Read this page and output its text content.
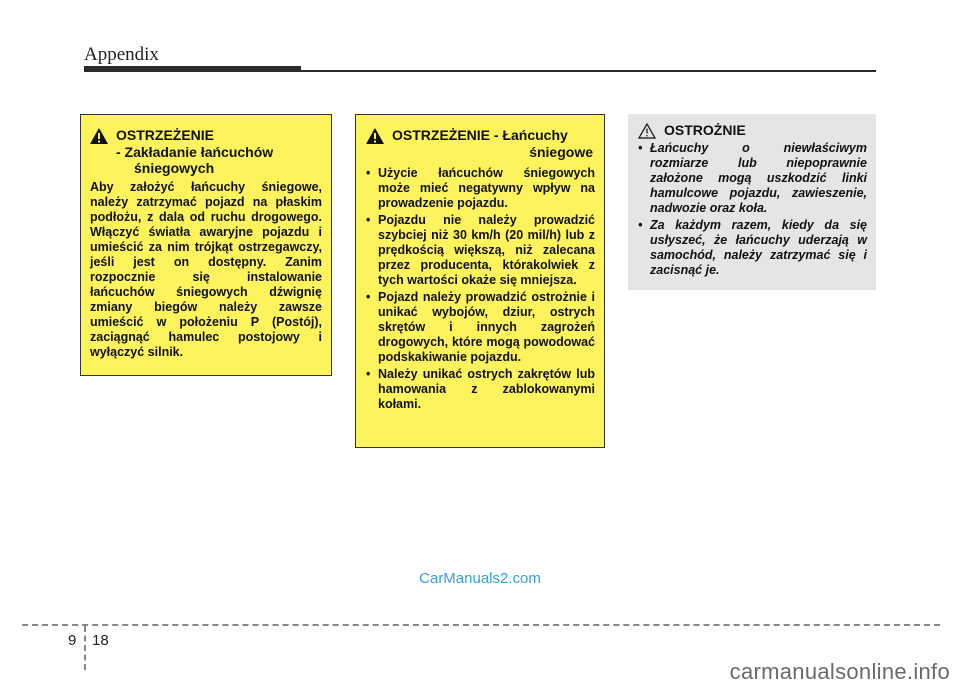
Appendix
OSTRZEŻENIE
- Zakładanie łańcuchów
śniegowych
Aby założyć łańcuchy śniegowe, należy zatrzymać pojazd na płaskim podłożu, z dala od ruchu drogowego. Włączyć światła awaryjne pojazdu i umieścić za nim trójkąt ostrzegawczy, jeśli jest on dostępny. Zanim rozpocznie się instalowanie łańcuchów śniegowych dźwignię zmiany biegów należy zawsze umieścić w położeniu P (Postój), zaciągnąć hamulec postojowy i wyłączyć silnik.
OSTRZEŻENIE - Łańcuchy
śniegowe
• Użycie łańcuchów śniegowych może mieć negatywny wpływ na prowadzenie pojazdu.
• Pojazdu nie należy prowadzić szybciej niż 30 km/h (20 mil/h) lub z prędkością większą, niż zalecana przez producenta, którakolwiek z tych wartości okaże się mniejsza.
• Pojazd należy prowadzić ostrożnie i unikać wybojów, dziur, ostrych skrętów i innych zagrożeń drogowych, które mogą powodować podskakiwanie pojazdu.
• Należy unikać ostrych zakrętów lub hamowania z zablokowanymi kołami.
OSTROŻNIE
• Łańcuchy o niewłaściwym rozmiarze lub niepoprawnie założone mogą uszkodzić linki hamulcowe pojazdu, zawieszenie, nadwozie oraz koła.
• Za każdym razem, kiedy da się usłyszeć, że łańcuchy uderzają w samochód, należy zatrzymać się i zacisnąć je.
CarManuals2.com
9 18
carmanualsonline.info
